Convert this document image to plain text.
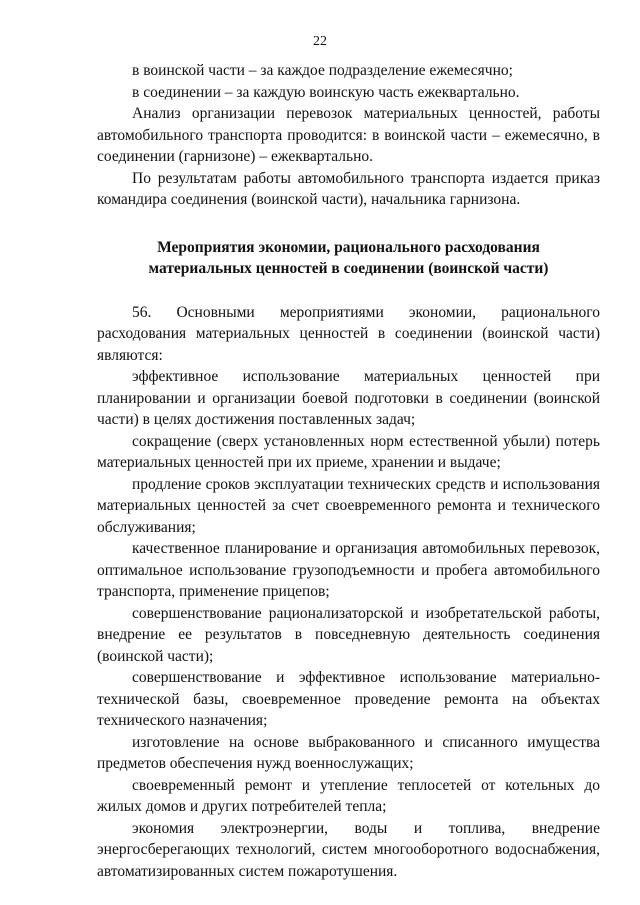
22

в воинской части – за каждое подразделение ежемесячно;

в соединении – за каждую воинскую часть ежеквартально.

Анализ организации перевозок материальных ценностей, работы автомобильного транспорта проводится: в воинской части – ежемесячно, в соединении (гарнизоне) – ежеквартально.

По результатам работы автомобильного транспорта издается приказ командира соединения (воинской части), начальника гарнизона.

Мероприятия экономии, рационального расходования
материальных ценностей в соединении (воинской части)

56. Основными мероприятиями экономии, рационального расходования материальных ценностей в соединении (воинской части) являются:

эффективное использование материальных ценностей при планировании и организации боевой подготовки в соединении (воинской части) в целях достижения поставленных задач;

сокращение (сверх установленных норм естественной убыли) потерь материальных ценностей при их приеме, хранении и выдаче;

продление сроков эксплуатации технических средств и использования материальных ценностей за счет своевременного ремонта и технического обслуживания;

качественное планирование и организация автомобильных перевозок, оптимальное использование грузоподъемности и пробега автомобильного транспорта, применение прицепов;

совершенствование рационализаторской и изобретательской работы, внедрение ее результатов в повседневную деятельность соединения (воинской части);

совершенствование и эффективное использование материально-технической базы, своевременное проведение ремонта на объектах технического назначения;

изготовление на основе выбракованного и списанного имущества предметов обеспечения нужд военнослужащих;

своевременный ремонт и утепление теплосетей от котельных до жилых домов и других потребителей тепла;

экономия электроэнергии, воды и топлива, внедрение энергосберегающих технологий, систем многооборотного водоснабжения, автоматизированных систем пожаротушения.
